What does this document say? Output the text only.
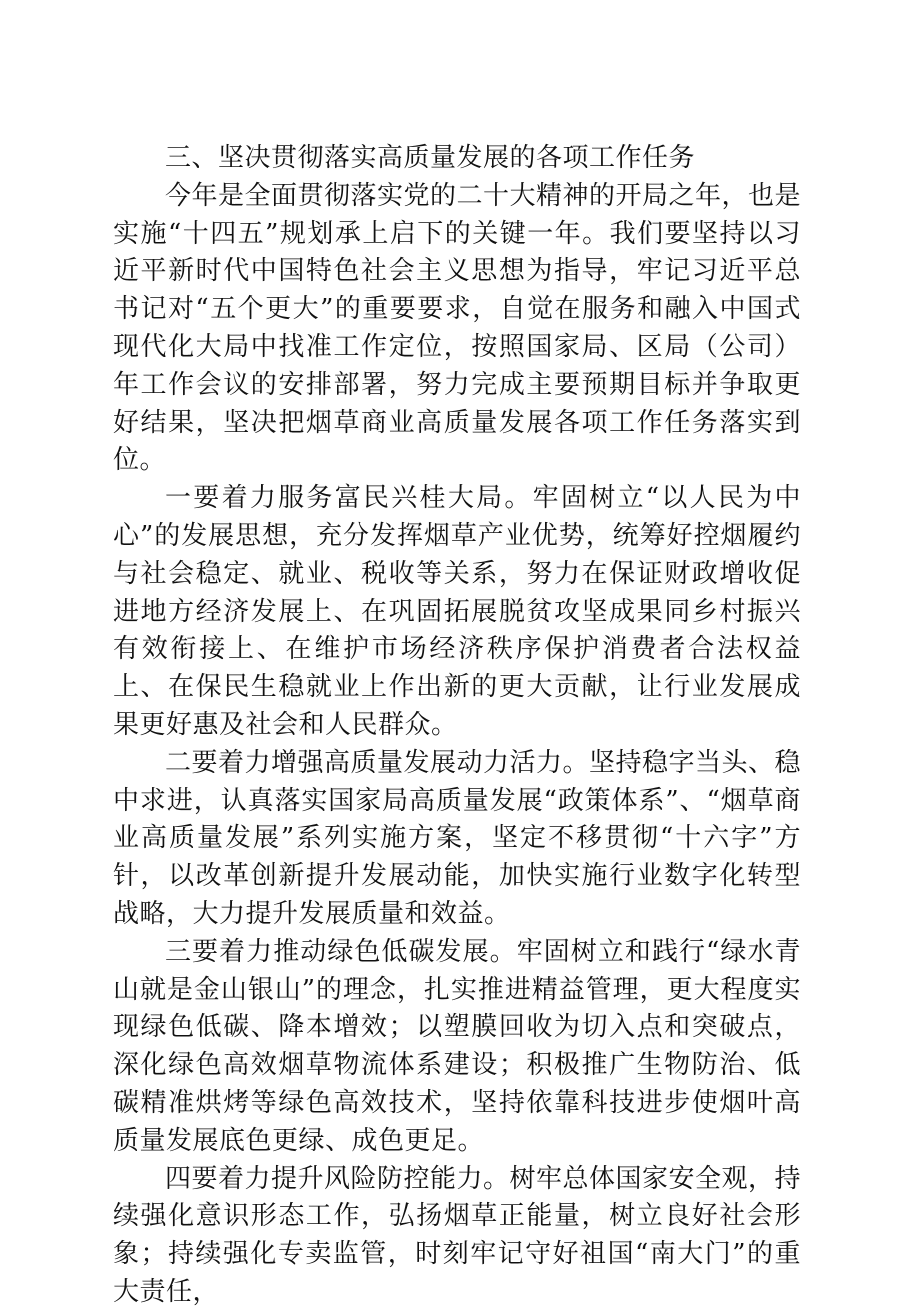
三、坚决贯彻落实高质量发展的各项工作任务

今年是全面贯彻落实党的二十大精神的开局之年，也是实施“十四五”规划承上启下的关键一年。我们要坚持以习近平新时代中国特色社会主义思想为指导，牢记习近平总书记对“五个更大”的重要要求，自觉在服务和融入中国式现代化大局中找准工作定位，按照国家局、区局（公司）年工作会议的安排部署，努力完成主要预期目标并争取更好结果，坚决把烟草商业高质量发展各项工作任务落实到位。

一要着力服务富民兴桂大局。牢固树立“以人民为中心”的发展思想，充分发挥烟草产业优势，统筹好控烟履约与社会稳定、就业、税收等关系，努力在保证财政增收促进地方经济发展上、在巩固拓展脱贫攻坚成果同乡村振兴有效衔接上、在维护市场经济秩序保护消费者合法权益上、在保民生稳就业上作出新的更大贡献，让行业发展成果更好惠及社会和人民群众。

二要着力增强高质量发展动力活力。坚持稳字当头、稳中求进，认真落实国家局高质量发展“政策体系”、“烟草商业高质量发展”系列实施方案，坚定不移贯彻“十六字”方针，以改革创新提升发展动能，加快实施行业数字化转型战略，大力提升发展质量和效益。

三要着力推动绿色低碳发展。牢固树立和践行“绿水青山就是金山银山”的理念，扎实推进精益管理，更大程度实现绿色低碳、降本增效；以塑膜回收为切入点和突破点，深化绿色高效烟草物流体系建设；积极推广生物防治、低碳精准烘烤等绿色高效技术，坚持依靠科技进步使烟叶高质量发展底色更绿、成色更足。

四要着力提升风险防控能力。树牢总体国家安全观，持续强化意识形态工作，弘扬烟草正能量，树立良好社会形象；持续强化专卖监管，时刻牢记守好祖国“南大门”的重大责任，
